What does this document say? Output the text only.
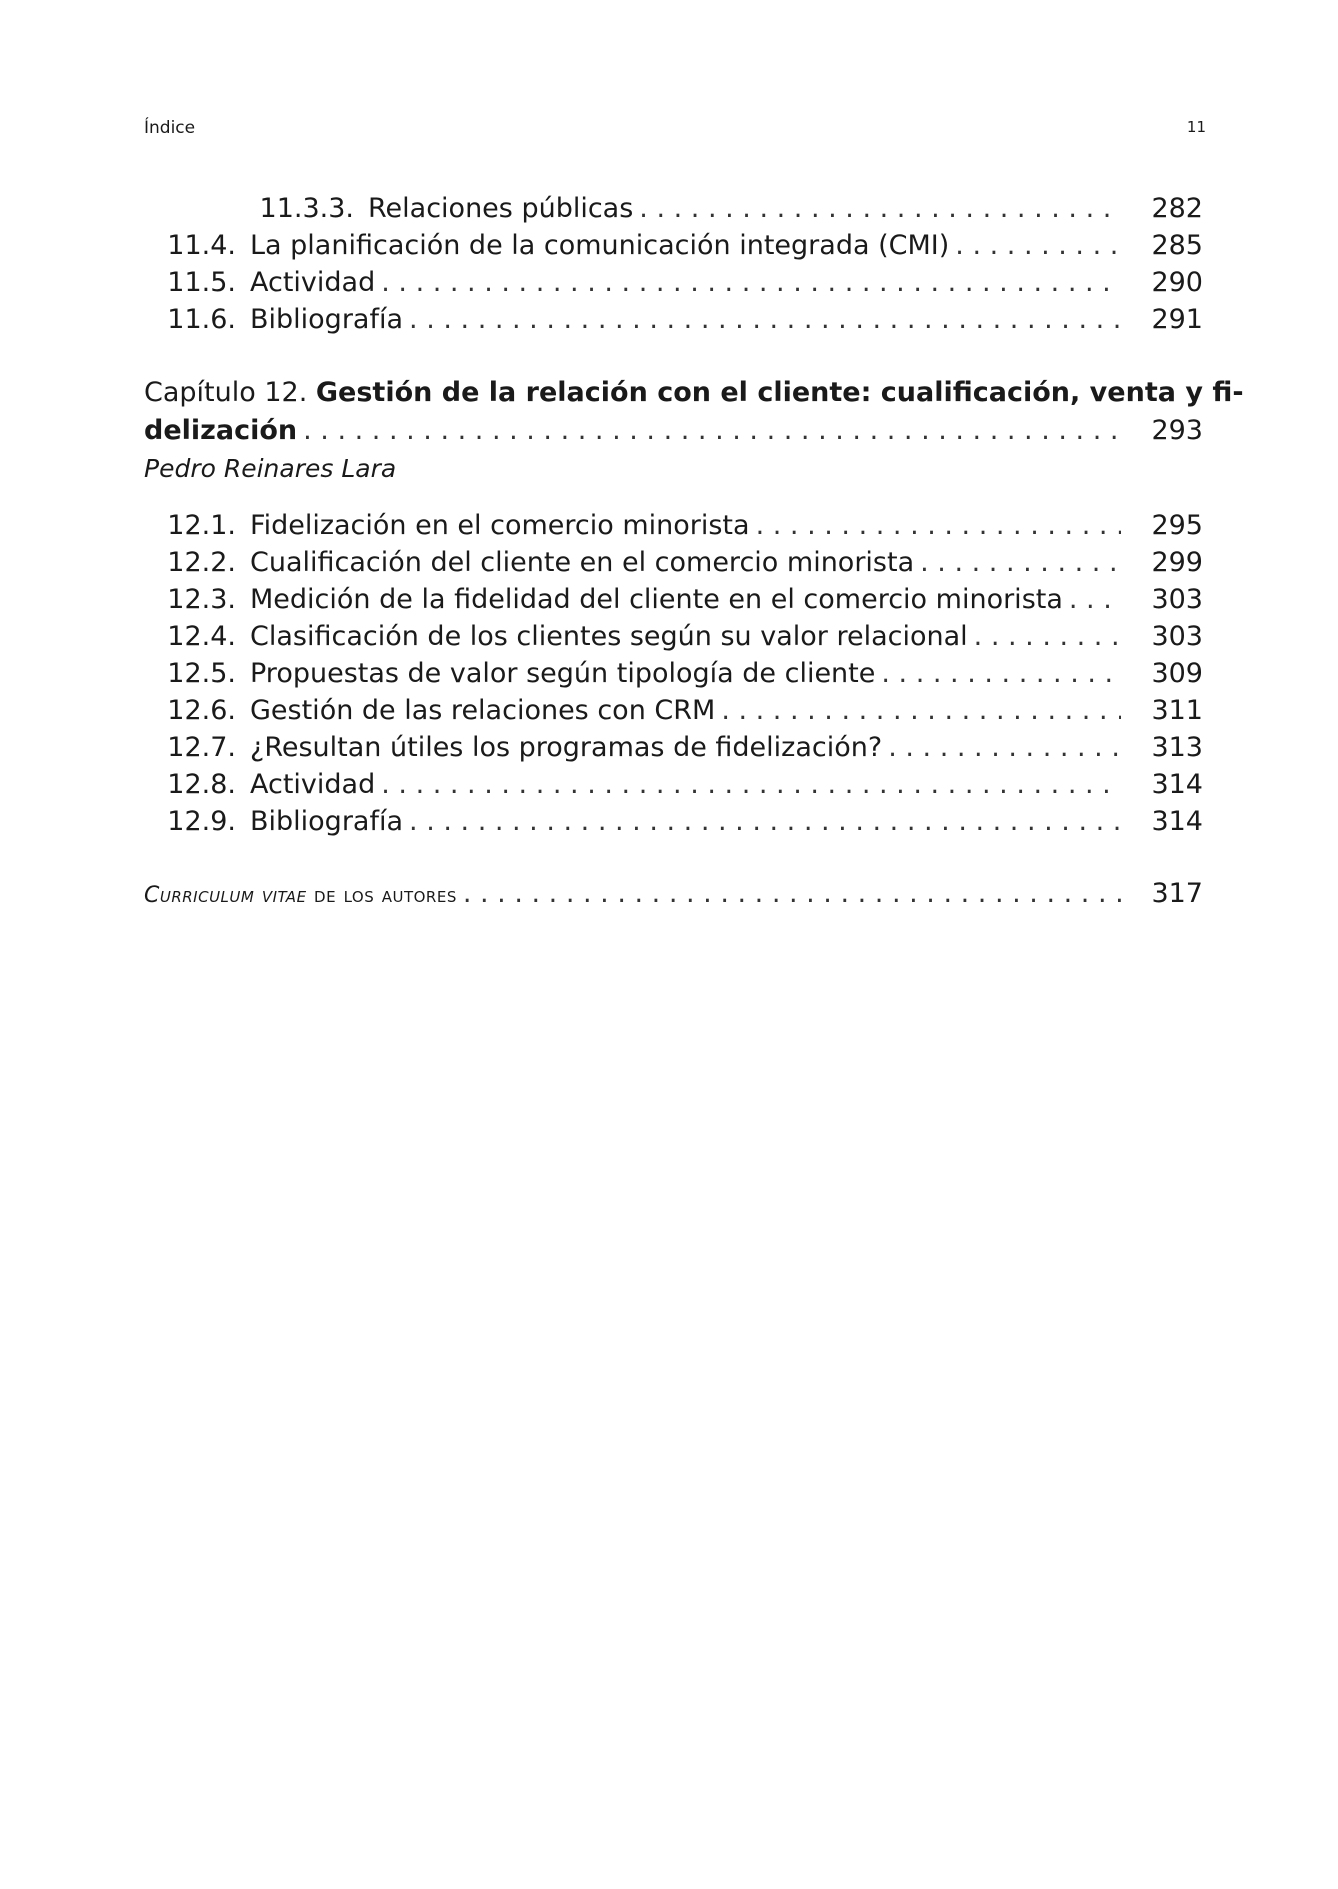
Índice	11
11.3.3. Relaciones públicas . . .	282
11.4. La planificación de la comunicación integrada (CMI) . . .	285
11.5. Actividad . . .	290
11.6. Bibliografía . . .	291
Capítulo 12. Gestión de la relación con el cliente: cualificación, venta y fi-
delización . . .	293
Pedro Reinares Lara
12.1. Fidelización en el comercio minorista . . .	295
12.2. Cualificación del cliente en el comercio minorista . . .	299
12.3. Medición de la fidelidad del cliente en el comercio minorista . . .	303
12.4. Clasificación de los clientes según su valor relacional . . .	303
12.5. Propuestas de valor según tipología de cliente . . .	309
12.6. Gestión de las relaciones con CRM . . .	311
12.7. ¿Resultan útiles los programas de fidelización? . . .	313
12.8. Actividad . . .	314
12.9. Bibliografía . . .	314
Curriculum vitae de los autores . . .	317
